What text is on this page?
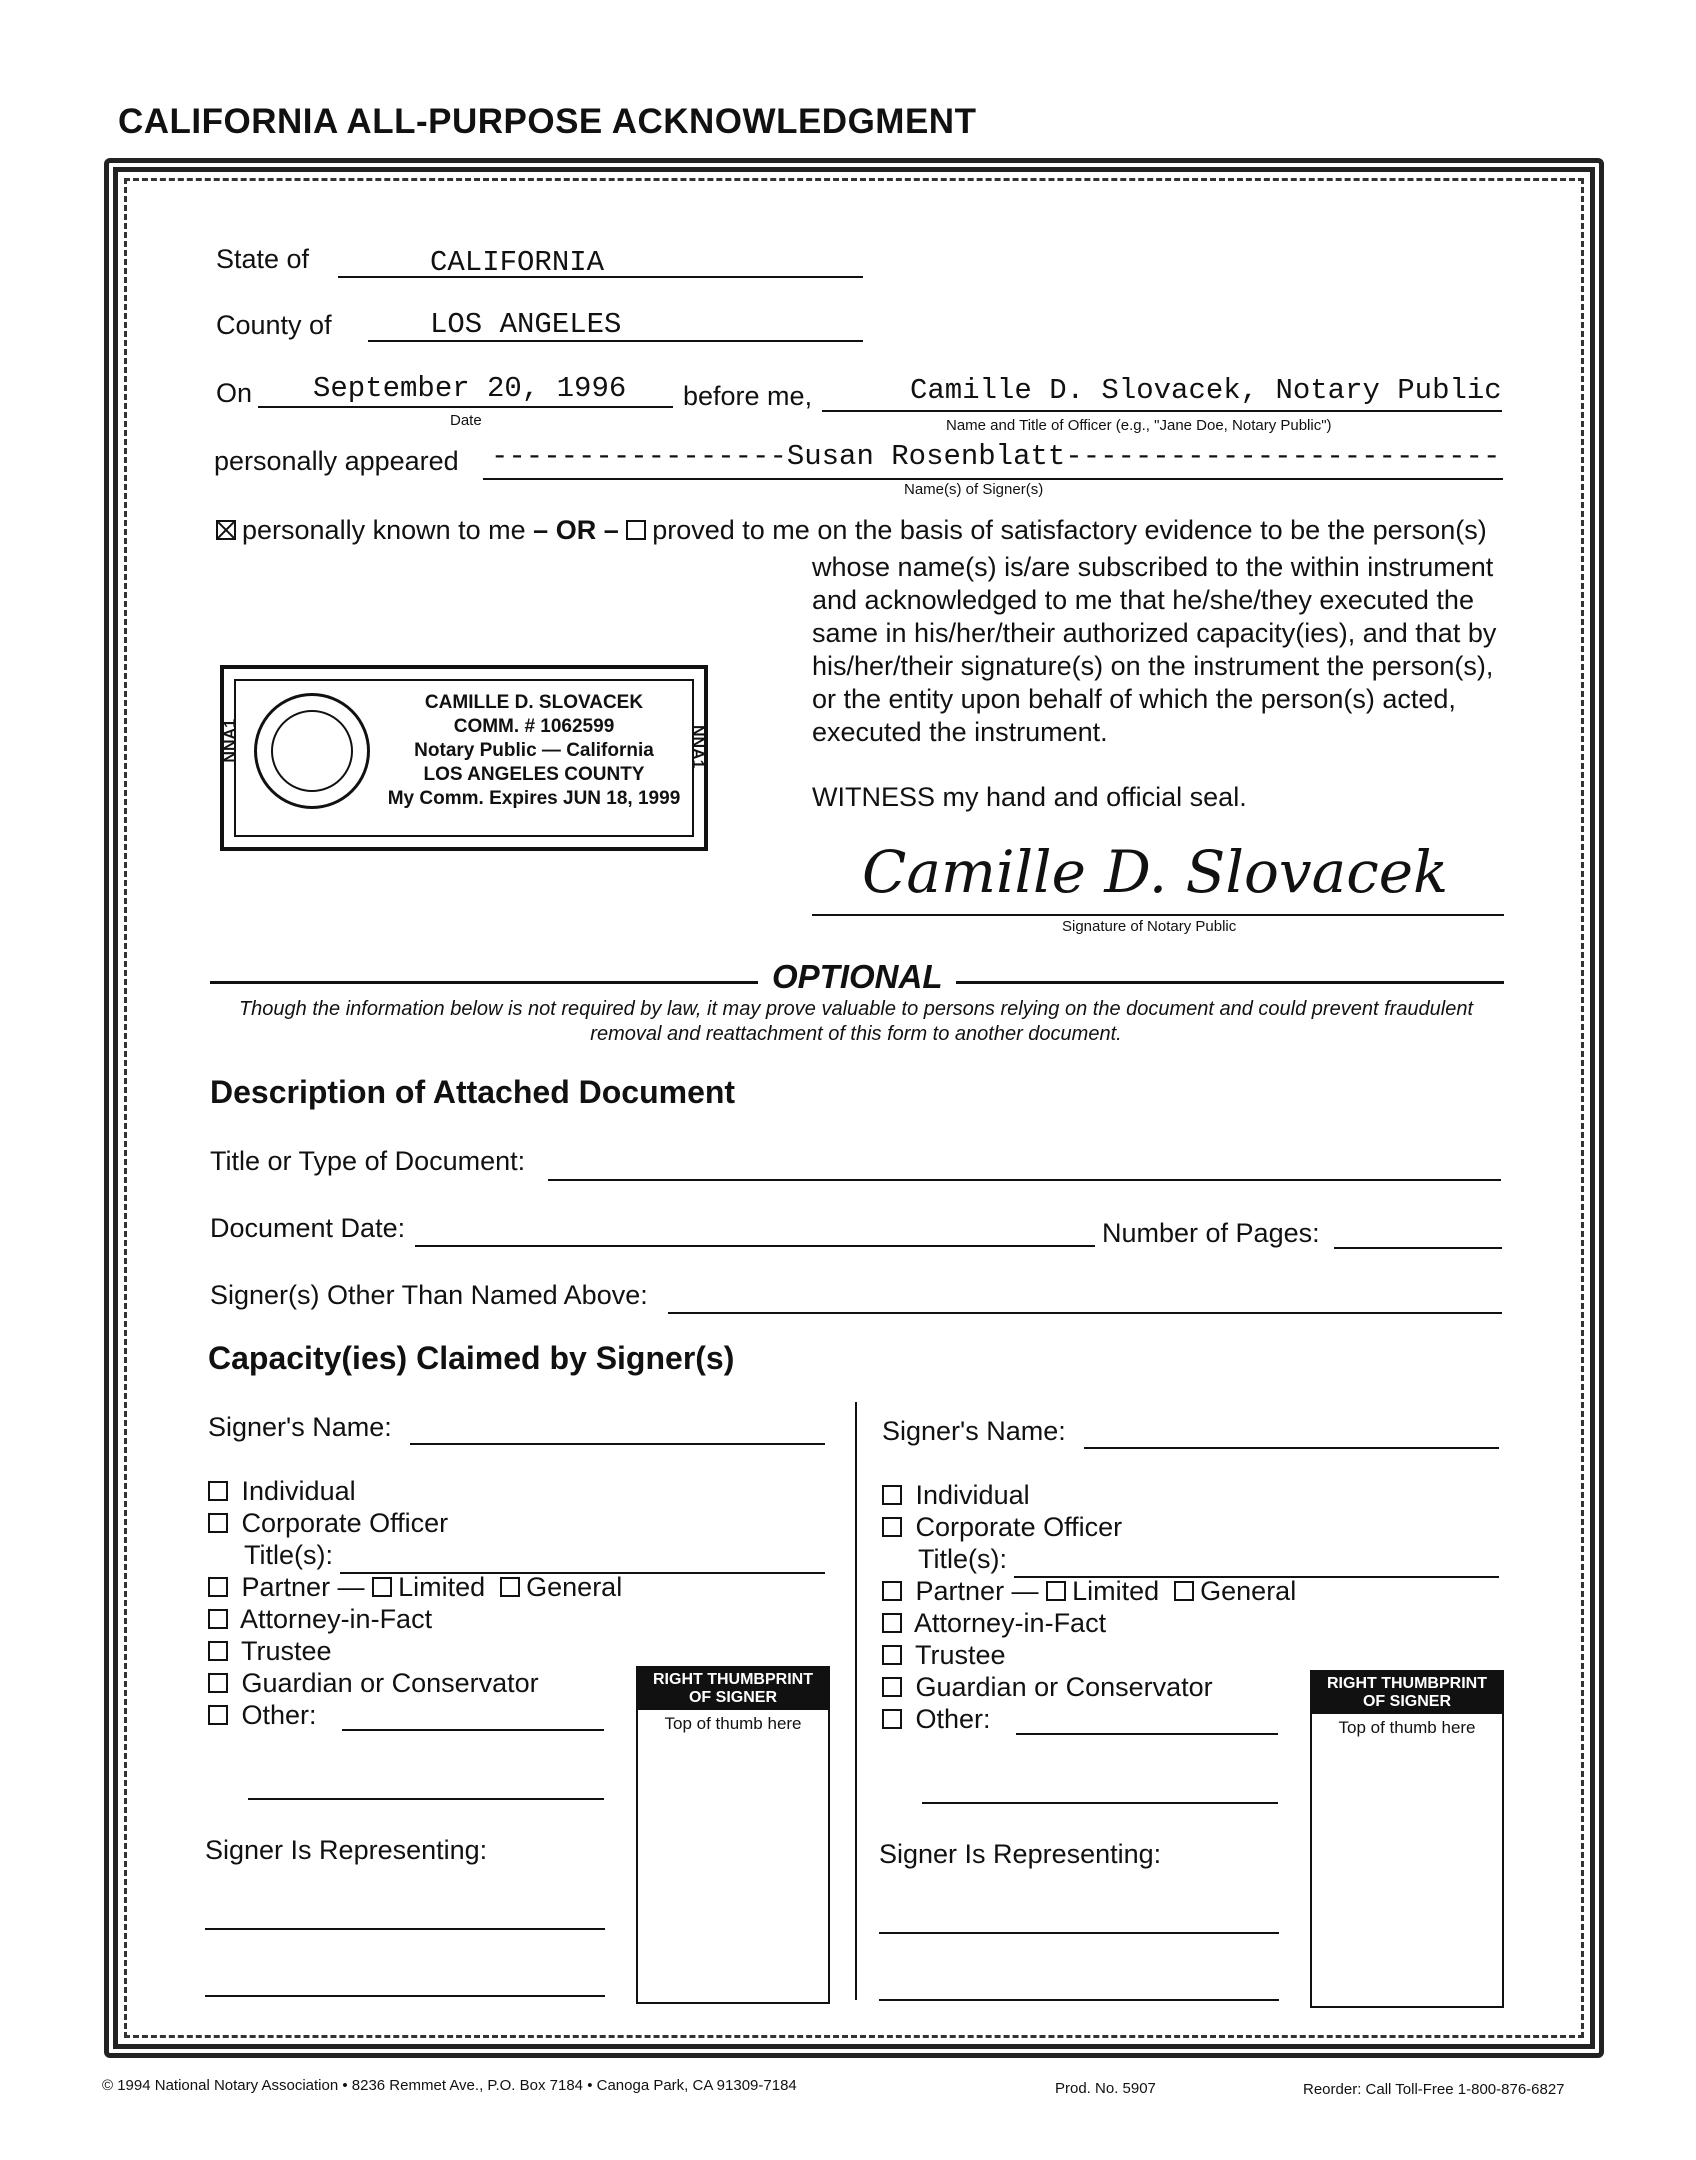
CALIFORNIA ALL-PURPOSE ACKNOWLEDGMENT
State of	CALIFORNIA
County of	LOS ANGELES
On September 20, 1996
Date
before me,	Camille D. Slovacek, Notary Public
Name and Title of Officer (e.g., "Jane Doe, Notary Public")
personally appeared -----------------Susan Rosenblatt-------------------------
Name(s) of Signer(s)
personally known to me – OR – proved to me on the basis of satisfactory evidence to be the person(s)
whose name(s) is/are subscribed to the within instrument
and acknowledged to me that he/she/they executed the
same in his/her/their authorized capacity(ies), and that by
his/her/their signature(s) on the instrument the person(s),
or the entity upon behalf of which the person(s) acted,
executed the instrument.
NNA1	NNA1
CAMILLE D. SLOVACEK
COMM. # 1062599
Notary Public — California
LOS ANGELES COUNTY
My Comm. Expires JUN 18, 1999	WITNESS my hand and official seal.
Camille D. Slovacek
Signature of Notary Public
OPTIONAL
Though the information below is not required by law, it may prove valuable to persons relying on the document and could prevent fraudulent removal and reattachment of this form to another document.
Description of Attached Document
Title or Type of Document:
Document Date:	Number of Pages:
Signer(s) Other Than Named Above:
Capacity(ies) Claimed by Signer(s)
Signer's Name:
Individual
Corporate Officer
Title(s):
Partner — Limited General
Attorney-in-Fact
Trustee
Guardian or Conservator
Other:
Signer Is Representing:
RIGHT THUMBPRINT
OF SIGNER
Top of thumb here
Signer's Name:
Individual
Corporate Officer
Title(s):
Partner — Limited General
Attorney-in-Fact
Trustee
Guardian or Conservator
Other:
Signer Is Representing:
RIGHT THUMBPRINT
OF SIGNER
Top of thumb here
© 1994 National Notary Association • 8236 Remmet Ave., P.O. Box 7184 • Canoga Park, CA 91309-7184	Prod. No. 5907	Reorder: Call Toll-Free 1-800-876-6827
